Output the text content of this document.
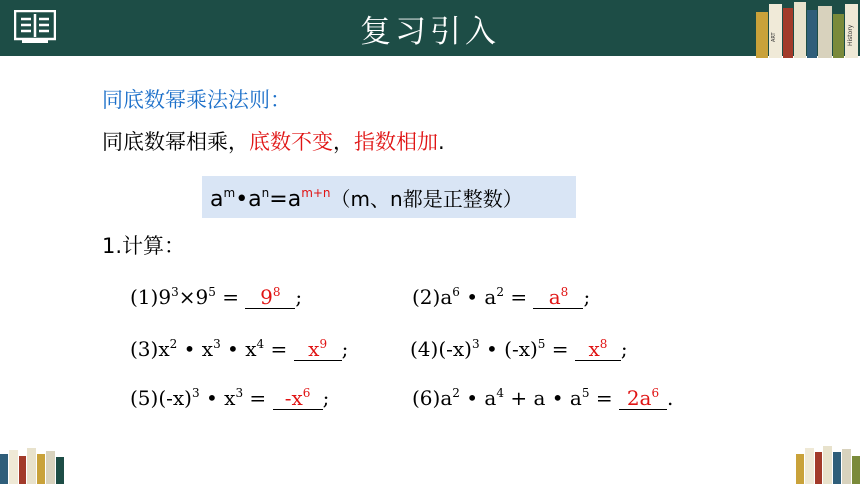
复习引入	ART	History
同底数幂乘法法则：
同底数幂相乘，底数不变，指数相加.
$a^m•a^n=a^{m+n}(m$、n都是正整数）
1.计算：
$(1)9^3\times 9^5 = 9^8$ ;	$(2)a^6$ • $a^2 = a^8$ ;
$(3)x^2$ • $x^3$ • $x^4 = x^9$ ;	$(4)(-x)^3$ • $(-x)^5 = x^8$ ;
$(5)(-x)^3$ • $x^3 = -x^6$ ;	$(6)a^2$ • $a^4 + a$ • $a^5 = 2a^6$ .
